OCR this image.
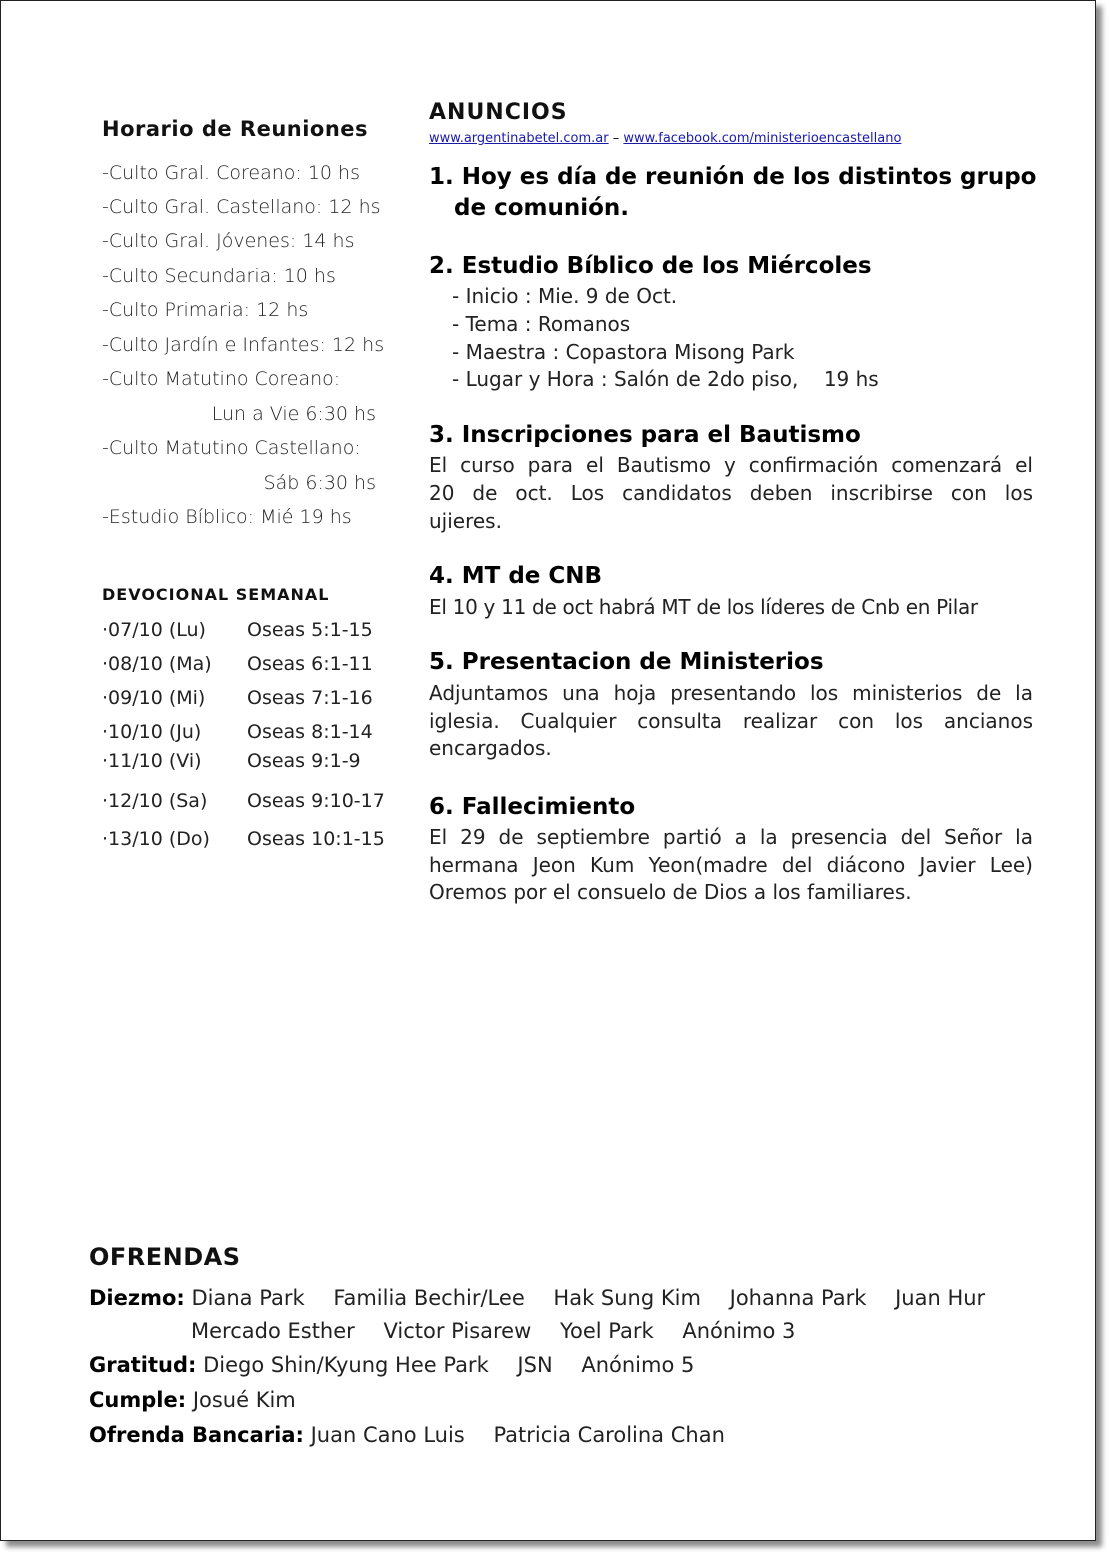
Horario de Reuniones
-Culto Gral. Coreano: 10 hs
-Culto Gral. Castellano: 12 hs
-Culto Gral. Jóvenes: 14 hs
-Culto Secundaria: 10 hs
-Culto Primaria: 12 hs
-Culto Jardín e Infantes: 12 hs
-Culto Matutino Coreano:
Lun a Vie 6:30 hs
-Culto Matutino Castellano:
Sáb 6:30 hs
-Estudio Bíblico: Mié 19 hs
DEVOCIONAL SEMANAL
·07/10 (Lu) Oseas 5:1-15
·08/10 (Ma) Oseas 6:1-11
·09/10 (Mi) Oseas 7:1-16
·10/10 (Ju) Oseas 8:1-14
·11/10 (Vi) Oseas 9:1-9
·12/10 (Sa) Oseas 9:10-17
·13/10 (Do) Oseas 10:1-15
ANUNCIOS
www.argentinabetel.com.ar – www.facebook.com/ministerioencastellano
1. Hoy es día de reunión de los distintos grupo
de comunión.
2. Estudio Bíblico de los Miércoles
- Inicio : Mie. 9 de Oct.
- Tema : Romanos
- Maestra : Copastora Misong Park
- Lugar y Hora : Salón de 2do piso,    19 hs
3. Inscripciones para el Bautismo
El curso para el Bautismo y confirmación comenzará el
20 de oct. Los candidatos deben inscribirse con los
ujieres.
4. MT de CNB
El 10 y 11 de oct habrá MT de los líderes de Cnb en Pilar
5. Presentacion de Ministerios
Adjuntamos una hoja presentando los ministerios de la
iglesia. Cualquier consulta realizar con los ancianos
encargados.
6. Fallecimiento
El 29 de septiembre partió a la presencia del Señor la
hermana Jeon Kum Yeon(madre del diácono Javier Lee)
Oremos por el consuelo de Dios a los familiares.
OFRENDAS
Diezmo: Diana Park Familia Bechir/Lee Hak Sung Kim Johanna Park Juan Hur
Mercado Esther Victor Pisarew Yoel Park Anónimo 3
Gratitud: Diego Shin/Kyung Hee Park JSN Anónimo 5
Cumple: Josué Kim
Ofrenda Bancaria: Juan Cano Luis Patricia Carolina Chan
